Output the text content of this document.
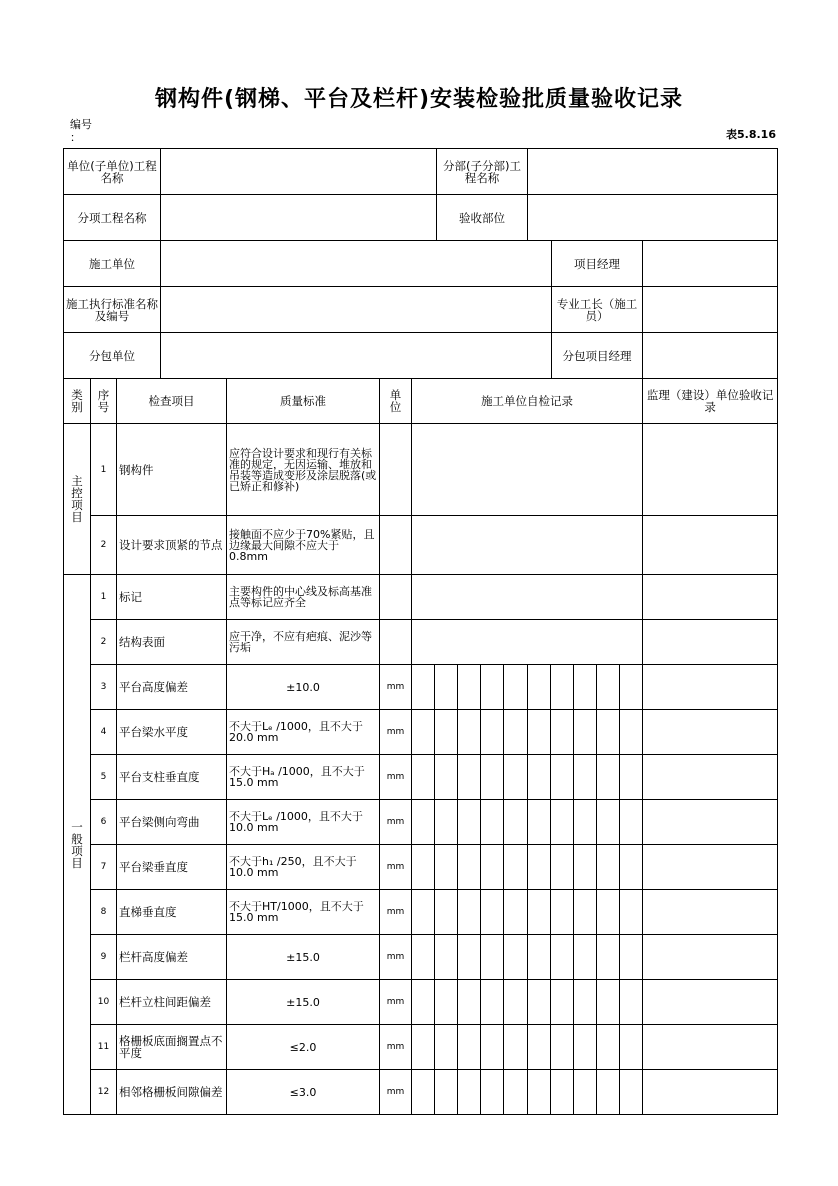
钢构件(钢梯、平台及栏杆)安装检验批质量验收记录
编号
：	表5.8.16
单位(子单位)工程名称		分部(子分部)工程名称			
分项工程名称		验收部位			
施工单位				项目经理	
施工执行标准名称及编号				专业工长（施工员）	
分包单位				分包项目经理	
类别	序号	检查项目	质量标准	单位	施工单位自检记录										监理（建设）单位验收记录
主控项目	1	钢构件	应符合设计要求和现行有关标准的规定，无因运输、堆放和吊装等造成变形及涂层脱落(或已矫正和修补)												
	2	设计要求顶紧的节点	接触面不应少于70%紧贴，且边缘最大间隙不应大于0.8mm												
一般项目	1	标记	主要构件的中心线及标高基准点等标记应齐全												
	2	结构表面	应干净，不应有疤痕、泥沙等污垢												
	3	平台高度偏差	±10.0	mm											
	4	平台梁水平度	不大于Lₑ /1000，且不大于20.0 mm	mm											
	5	平台支柱垂直度	不大于Hₐ /1000，且不大于15.0 mm	mm											
	6	平台梁侧向弯曲	不大于Lₑ /1000，且不大于10.0 mm	mm											
	7	平台梁垂直度	不大于h₁ /250，且不大于10.0 mm	mm											
	8	直梯垂直度	不大于HT/1000，且不大于15.0 mm	mm											
	9	栏杆高度偏差	±15.0	mm											
	10	栏杆立柱间距偏差	±15.0	mm											
	11	格栅板底面搁置点不平度	≤2.0	mm											
	12	相邻格栅板间隙偏差	≤3.0	mm											
